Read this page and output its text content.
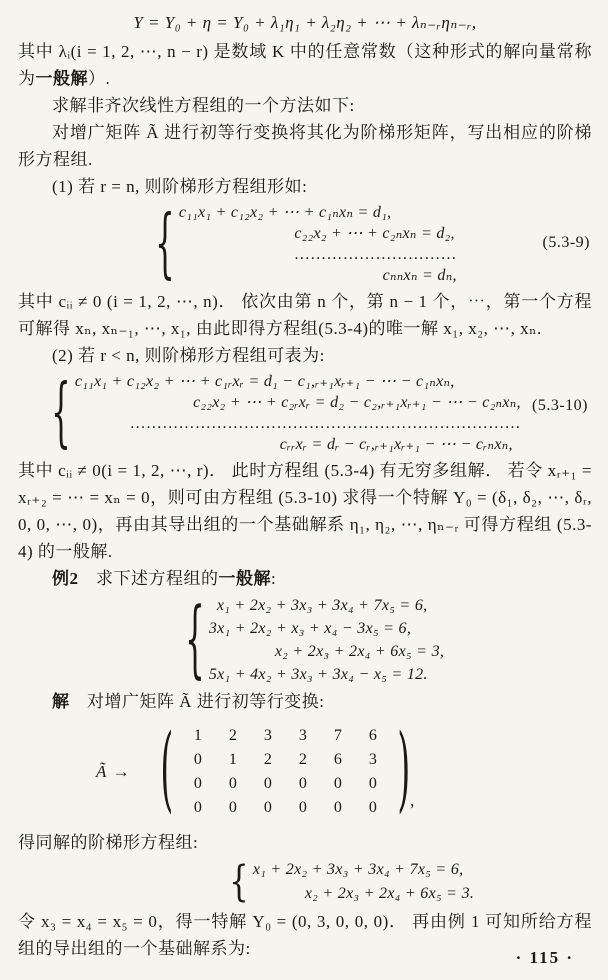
Y = Y₀ + η = Y₀ + λ₁η₁ + λ₂η₂ + ⋯ + λₙ₋ᵣηₙ₋ᵣ,

其中 λᵢ(i = 1, 2, ⋯, n − r) 是数域 K 中的任意常数（这种形式的解向量常称为一般解）.

求解非齐次线性方程组的一个方法如下:

对增广矩阵 Ã 进行初等行变换将其化为阶梯形矩阵，写出相应的阶梯形方程组.

(1) 若 r = n, 则阶梯形方程组形如:

{ c₁₁x₁ + c₁₂x₂ + ⋯ + c₁ₙxₙ = d₁,
c₂₂x₂ + ⋯ + c₂ₙxₙ = d₂,
…………………………
cₙₙxₙ = dₙ,
(5.3-9)

其中 cᵢᵢ ≠ 0 (i = 1, 2, ⋯, n)． 依次由第 n 个，第 n − 1 个，⋯，第一个方程可解得 xₙ, xₙ₋₁, ⋯, x₁, 由此即得方程组(5.3-4)的唯一解 x₁, x₂, ⋯, xₙ.

(2) 若 r < n, 则阶梯形方程组可表为:

{ c₁₁x₁ + c₁₂x₂ + ⋯ + c₁ᵣxᵣ = d₁ − c₁,ᵣ₊₁xᵣ₊₁ − ⋯ − c₁ₙxₙ,
c₂₂x₂ + ⋯ + c₂ᵣxᵣ = d₂ − c₂,ᵣ₊₁xᵣ₊₁ − ⋯ − c₂ₙxₙ,
………………………………………………………………
cᵣᵣxᵣ = dᵣ − cᵣ,ᵣ₊₁xᵣ₊₁ − ⋯ − cᵣₙxₙ,
(5.3-10)

其中 cᵢᵢ ≠ 0(i = 1, 2, ⋯, r)． 此时方程组 (5.3-4) 有无穷多组解． 若令 xᵣ₊₁ = xᵣ₊₂ = ⋯ = xₙ = 0，则可由方程组 (5.3-10) 求得一个特解 Y₀ = (δ₁, δ₂, ⋯, δᵣ, 0, 0, ⋯, 0)，再由其导出组的一个基础解系 η₁, η₂, ⋯, ηₙ₋ᵣ 可得方程组 (5.3-4) 的一般解.

例2　求下述方程组的一般解:

{ x₁ + 2x₂ + 3x₃ + 3x₄ + 7x₅ = 6,
3x₁ + 2x₂ + x₃ + x₄ − 3x₅ = 6,
x₂ + 2x₃ + 2x₄ + 6x₅ = 3,
5x₁ + 4x₂ + 3x₃ + 3x₄ − x₅ = 12.

解　对增广矩阵 Ã 进行初等行变换:

Ã → (	1	2	3	3	7	6
0	1	2	2	6	3
0	0	0	0	0	0
0	0	0	0	0	0 ) ,

得同解的阶梯形方程组:

{ x₁ + 2x₂ + 3x₃ + 3x₄ + 7x₅ = 6,
x₂ + 2x₃ + 2x₄ + 6x₅ = 3.

令 x₃ = x₄ = x₅ = 0，得一特解 Y₀ = (0, 3, 0, 0, 0)． 再由例 1 可知所给方程组的导出组的一个基础解系为:	· 115 ·
